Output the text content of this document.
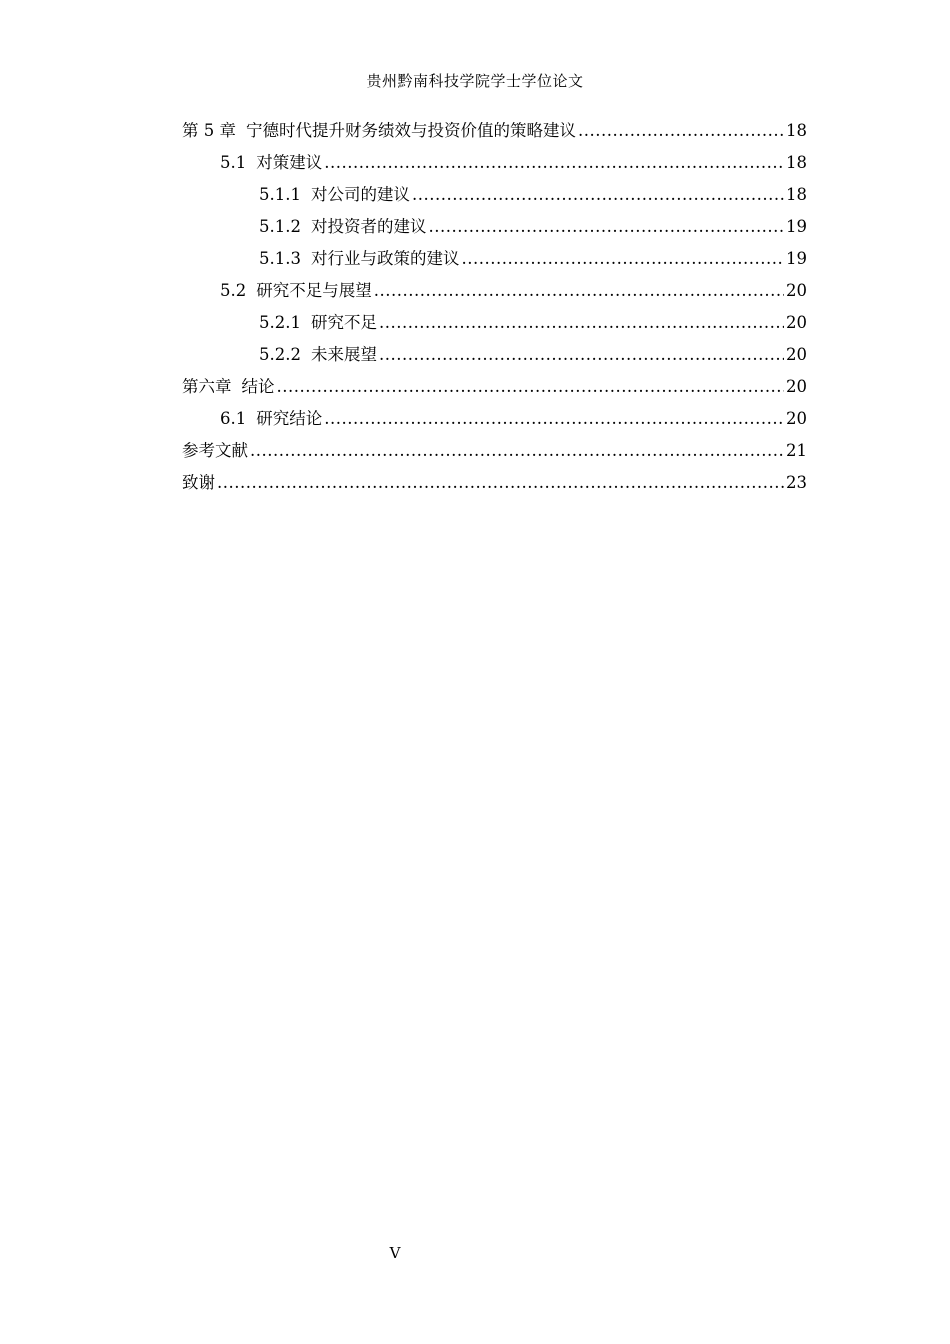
贵州黔南科技学院学士学位论文
第 5 章 宁德时代提升财务绩效与投资价值的策略建议 .....	18
5.1 对策建议 .....	18
5.1.1 对公司的建议 .....	18
5.1.2 对投资者的建议 .....	19
5.1.3 对行业与政策的建议 .....	19
5.2 研究不足与展望 .....	20
5.2.1 研究不足 .....	20
5.2.2 未来展望 .....	20
第六章 结论 .....	20
6.1 研究结论 .....	20
参考文献 .....	21
致谢 .....	23
V
